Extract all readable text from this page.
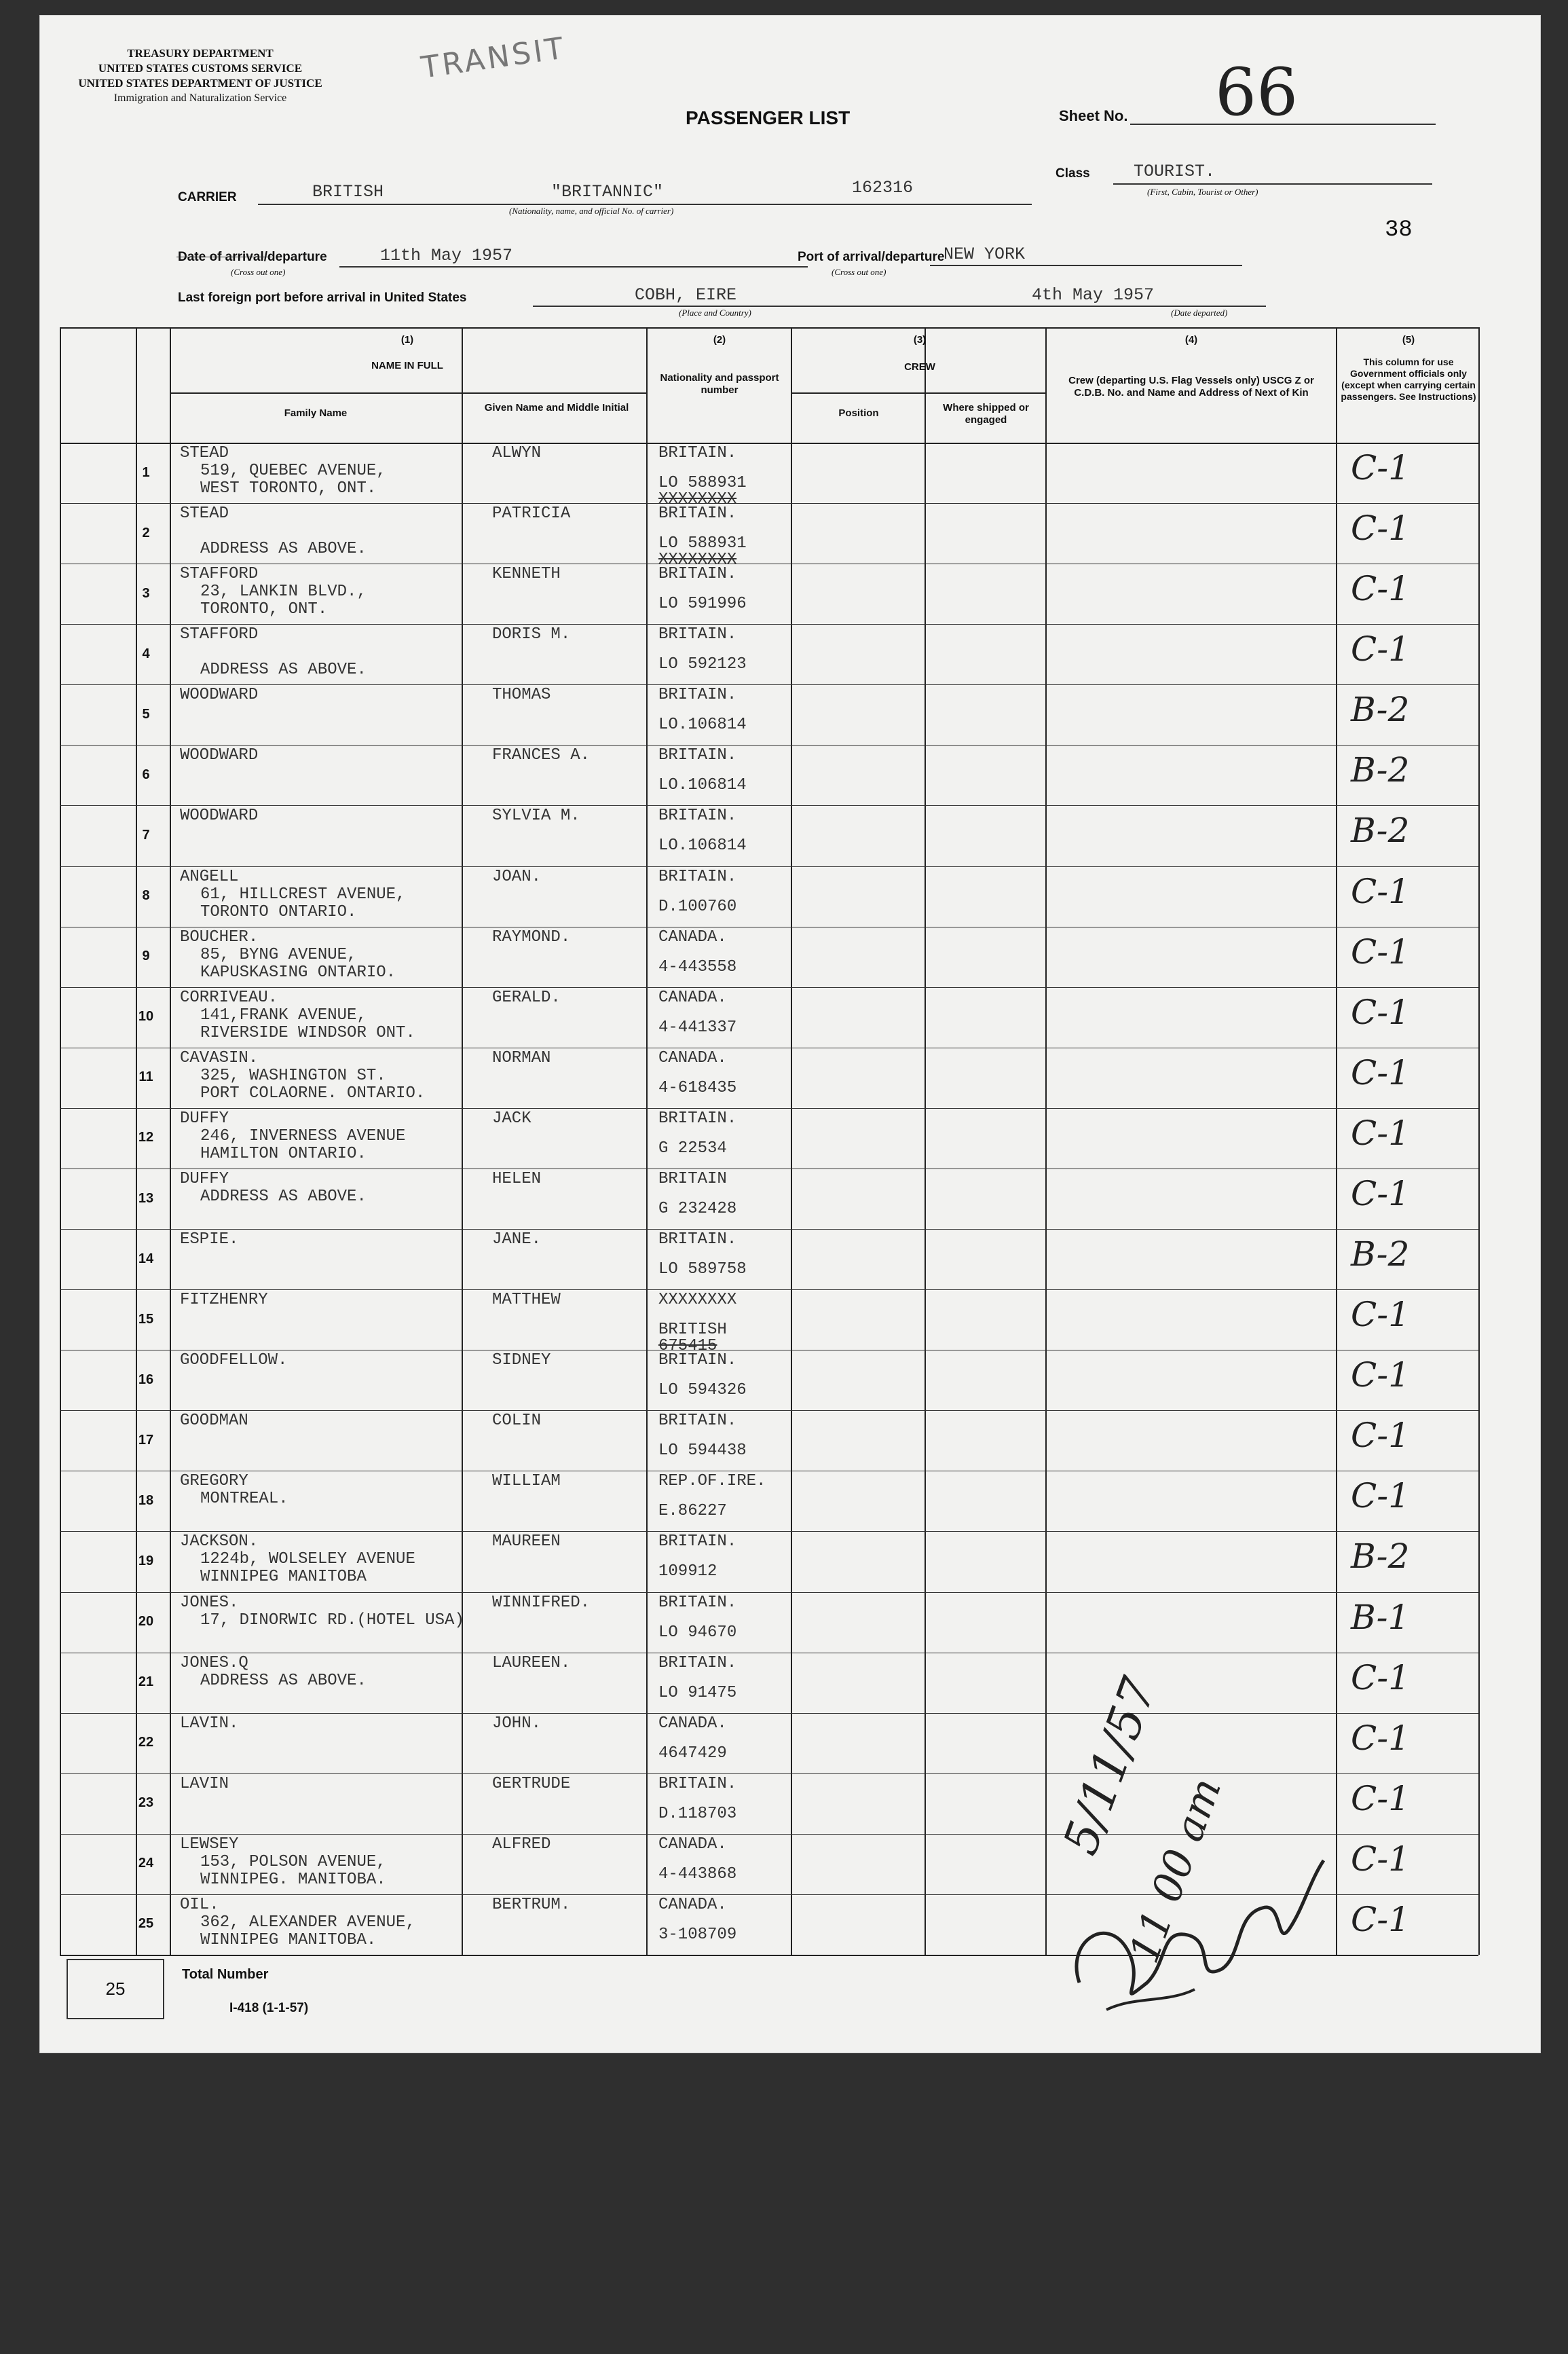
TREASURY DEPARTMENT
UNITED STATES CUSTOMS SERVICE
UNITED STATES DEPARTMENT OF JUSTICE
Immigration and Naturalization Service
TRANSIT
PASSENGER LIST	Sheet No. 66
Class	TOURIST.
(First, Cabin, Tourist or Other)
CARRIER	BRITISH	"BRITANNIC"	162316
(Nationality, name, and official No. of carrier)
Date of arrival/departure
(Cross out one)
11th May 1957	Port of arrival/departure
(Cross out one)
NEW YORK
38
Last foreign port before arrival in United States	COBH, EIRE
(Place and Country)
4th May 1957
(Date departed)
(1)
NAME IN FULL
Family Name	Given Name and Middle Initial
(2)
Nationality and passport number
(3)
CREW
Position	Where shipped or engaged
(4)
Crew (departing U.S. Flag Vessels only) USCG Z or C.D.B. No. and Name and Address of Next of Kin
(5)
This column for use Government officials only (except when carrying certain passengers. See Instructions)
1
STEAD
519, QUEBEC AVENUE,
WEST TORONTO, ONT.
ALWYN	BRITAIN.
LO 588931
XXXXXXXX
C-1
2
STEAD
ADDRESS AS ABOVE.
PATRICIA	BRITAIN.
LO 588931
XXXXXXXX
C-1
3
STAFFORD
23, LANKIN BLVD.,
TORONTO, ONT.
KENNETH	BRITAIN.
LO 591996	C-1
4
STAFFORD
ADDRESS AS ABOVE.
DORIS M.	BRITAIN.
LO 592123	C-1
5
WOODWARD	THOMAS	BRITAIN.
LO.106814	B-2
6
WOODWARD	FRANCES A.	BRITAIN.
LO.106814	B-2
7
WOODWARD	SYLVIA M.	BRITAIN.
LO.106814	B-2
8
ANGELL
61, HILLCREST AVENUE,
TORONTO ONTARIO.
JOAN.	BRITAIN.
D.100760	C-1
9
BOUCHER.
85, BYNG AVENUE,
KAPUSKASING ONTARIO.
RAYMOND.	CANADA.
4-443558	C-1
10
CORRIVEAU.
141,FRANK AVENUE,
RIVERSIDE WINDSOR ONT.
GERALD.	CANADA.
4-441337	C-1
11
CAVASIN.
325, WASHINGTON ST.
PORT COLAORNE. ONTARIO.
NORMAN	CANADA.
4-618435	C-1
12
DUFFY
246, INVERNESS AVENUE
HAMILTON ONTARIO.
JACK	BRITAIN.
G 22534	C-1
13
DUFFY
ADDRESS AS ABOVE.
HELEN	BRITAIN
G 232428	C-1
14
ESPIE.	JANE.	BRITAIN.
LO 589758	B-2
15
FITZHENRY	MATTHEW	XXXXXXXX
BRITISH
675415
C-1
16
GOODFELLOW.	SIDNEY	BRITAIN.
LO 594326	C-1
17
GOODMAN	COLIN	BRITAIN.
LO 594438	C-1
18
GREGORY
MONTREAL.
WILLIAM	REP.OF.IRE.
E.86227	C-1
19
JACKSON.
1224b, WOLSELEY AVENUE
WINNIPEG MANITOBA
MAUREEN	BRITAIN.
109912	B-2
20
JONES.
17, DINORWIC RD.(HOTEL USA)
WINNIFRED.	BRITAIN.
LO 94670	B-1
21
JONES.Q
ADDRESS AS ABOVE.
LAUREEN.	BRITAIN.
LO 91475	C-1
22
LAVIN.	JOHN.	CANADA.
4647429	C-1
23
LAVIN	GERTRUDE	BRITAIN.
D.118703	C-1
24
LEWSEY
153, POLSON AVENUE,
WINNIPEG. MANITOBA.
ALFRED	CANADA.
4-443868	C-1
25
OIL.
362, ALEXANDER AVENUE,
WINNIPEG MANITOBA.
BERTRUM.	CANADA.
3-108709	C-1
5/11/57
11 00 am
25
Total Number
I-418 (1-1-57)
